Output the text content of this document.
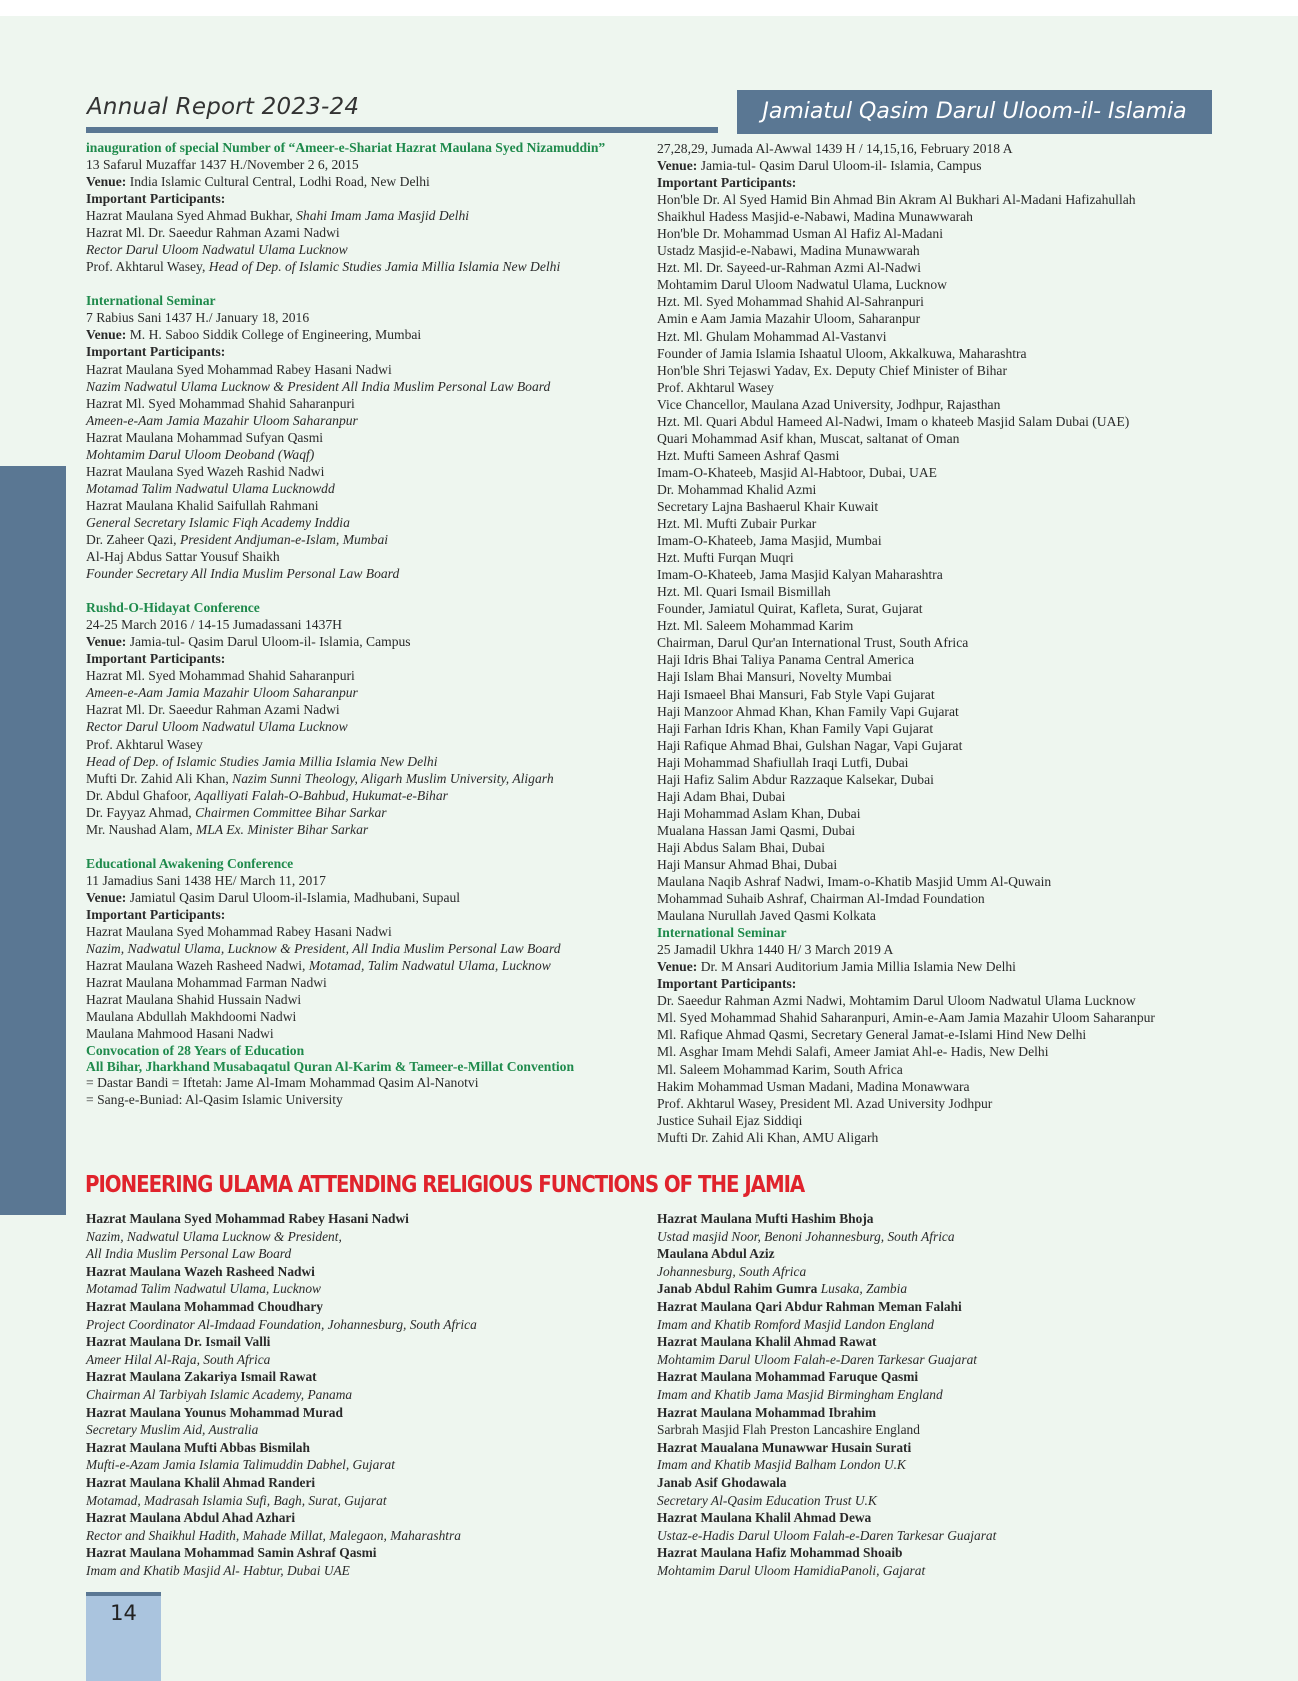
Annual Report 2023-24	Jamiatul Qasim Darul Uloom-il- Islamia
inauguration of special Number of “Ameer-e-Shariat Hazrat Maulana Syed Nizamuddin”
13 Safarul Muzaffar 1437 H./November 2 6, 2015
Venue: India Islamic Cultural Central, Lodhi Road, New Delhi
Important Participants:
Hazrat Maulana Syed Ahmad Bukhar, Shahi Imam Jama Masjid Delhi
Hazrat Ml. Dr. Saeedur Rahman Azami Nadwi
Rector Darul Uloom Nadwatul Ulama Lucknow
Prof. Akhtarul Wasey, Head of Dep. of Islamic Studies Jamia Millia Islamia New Delhi
International Seminar
7 Rabius Sani 1437 H./ January 18, 2016
Venue: M. H. Saboo Siddik College of Engineering, Mumbai
Important Participants:
Hazrat Maulana Syed Mohammad Rabey Hasani Nadwi
Nazim Nadwatul Ulama Lucknow & President All India Muslim Personal Law Board
Hazrat Ml. Syed Mohammad Shahid Saharanpuri
Ameen-e-Aam Jamia Mazahir Uloom Saharanpur
Hazrat Maulana Mohammad Sufyan Qasmi
Mohtamim Darul Uloom Deoband (Waqf)
Hazrat Maulana Syed Wazeh Rashid Nadwi
Motamad Talim Nadwatul Ulama Lucknowdd
Hazrat Maulana Khalid Saifullah Rahmani
General Secretary Islamic Fiqh Academy Inddia
Dr. Zaheer Qazi, President Andjuman-e-Islam, Mumbai
Al-Haj Abdus Sattar Yousuf Shaikh
Founder Secretary All India Muslim Personal Law Board
Rushd-O-Hidayat Conference
24-25 March 2016 / 14-15 Jumadassani 1437H
Venue: Jamia-tul- Qasim Darul Uloom-il- Islamia, Campus
Important Participants:
Hazrat Ml. Syed Mohammad Shahid Saharanpuri
Ameen-e-Aam Jamia Mazahir Uloom Saharanpur
Hazrat Ml. Dr. Saeedur Rahman Azami Nadwi
Rector Darul Uloom Nadwatul Ulama Lucknow
Prof. Akhtarul Wasey
Head of Dep. of Islamic Studies Jamia Millia Islamia New Delhi
Mufti Dr. Zahid Ali Khan, Nazim Sunni Theology, Aligarh Muslim University, Aligarh
Dr. Abdul Ghafoor, Aqalliyati Falah-O-Bahbud, Hukumat-e-Bihar
Dr. Fayyaz Ahmad, Chairmen Committee Bihar Sarkar
Mr. Naushad Alam, MLA Ex. Minister Bihar Sarkar
Educational Awakening Conference
11 Jamadius Sani 1438 HE/ March 11, 2017
Venue: Jamiatul Qasim Darul Uloom-il-Islamia, Madhubani, Supaul
Important Participants:
Hazrat Maulana Syed Mohammad Rabey Hasani Nadwi
Nazim, Nadwatul Ulama, Lucknow & President, All India Muslim Personal Law Board
Hazrat Maulana Wazeh Rasheed Nadwi, Motamad, Talim Nadwatul Ulama, Lucknow
Hazrat Maulana Mohammad Farman Nadwi
Hazrat Maulana Shahid Hussain Nadwi
Maulana Abdullah Makhdoomi Nadwi
Maulana Mahmood Hasani Nadwi
Convocation of 28 Years of Education
All Bihar, Jharkhand Musabaqatul Quran Al-Karim & Tameer-e-Millat Convention
= Dastar Bandi = Iftetah: Jame Al-Imam Mohammad Qasim Al-Nanotvi
= Sang-e-Buniad: Al-Qasim Islamic University
27,28,29, Jumada Al-Awwal 1439 H / 14,15,16, February 2018 A
Venue: Jamia-tul- Qasim Darul Uloom-il- Islamia, Campus
Important Participants:
Hon'ble Dr. Al Syed Hamid Bin Ahmad Bin Akram Al Bukhari Al-Madani Hafizahullah
Shaikhul Hadess Masjid-e-Nabawi, Madina Munawwarah
Hon'ble Dr. Mohammad Usman Al Hafiz Al-Madani
Ustadz Masjid-e-Nabawi, Madina Munawwarah
Hzt. Ml. Dr. Sayeed-ur-Rahman Azmi Al-Nadwi
Mohtamim Darul Uloom Nadwatul Ulama, Lucknow
Hzt. Ml. Syed Mohammad Shahid Al-Sahranpuri
Amin e Aam Jamia Mazahir Uloom, Saharanpur
Hzt. Ml. Ghulam Mohammad Al-Vastanvi
Founder of Jamia Islamia Ishaatul Uloom, Akkalkuwa, Maharashtra
Hon'ble Shri Tejaswi Yadav, Ex. Deputy Chief Minister of Bihar
Prof. Akhtarul Wasey
Vice Chancellor, Maulana Azad University, Jodhpur, Rajasthan
Hzt. Ml. Quari Abdul Hameed Al-Nadwi, Imam o khateeb Masjid Salam Dubai (UAE)
Quari Mohammad Asif khan, Muscat, saltanat of Oman
Hzt. Mufti Sameen Ashraf Qasmi
Imam-O-Khateeb, Masjid Al-Habtoor, Dubai, UAE
Dr. Mohammad Khalid Azmi
Secretary Lajna Bashaerul Khair Kuwait
Hzt. Ml. Mufti Zubair Purkar
Imam-O-Khateeb, Jama Masjid, Mumbai
Hzt. Mufti Furqan Muqri
Imam-O-Khateeb, Jama Masjid Kalyan Maharashtra
Hzt. Ml. Quari Ismail Bismillah
Founder, Jamiatul Quirat, Kafleta, Surat, Gujarat
Hzt. Ml. Saleem Mohammad Karim
Chairman, Darul Qur'an International Trust, South Africa
Haji Idris Bhai Taliya Panama Central America
Haji Islam Bhai Mansuri, Novelty Mumbai
Haji Ismaeel Bhai Mansuri, Fab Style Vapi Gujarat
Haji Manzoor Ahmad Khan, Khan Family Vapi Gujarat
Haji Farhan Idris Khan, Khan Family Vapi Gujarat
Haji Rafique Ahmad Bhai, Gulshan Nagar, Vapi Gujarat
Haji Mohammad Shafiullah Iraqi Lutfi, Dubai
Haji Hafiz Salim Abdur Razzaque Kalsekar, Dubai
Haji Adam Bhai, Dubai
Haji Mohammad Aslam Khan, Dubai
Mualana Hassan Jami Qasmi, Dubai
Haji Abdus Salam Bhai, Dubai
Haji Mansur Ahmad Bhai, Dubai
Maulana Naqib Ashraf Nadwi, Imam-o-Khatib Masjid Umm Al-Quwain
Mohammad Suhaib Ashraf, Chairman Al-Imdad Foundation
Maulana Nurullah Javed Qasmi Kolkata
International Seminar
25 Jamadil Ukhra 1440 H/ 3 March 2019 A
Venue: Dr. M Ansari Auditorium Jamia Millia Islamia New Delhi
Important Participants:
Dr. Saeedur Rahman Azmi Nadwi, Mohtamim Darul Uloom Nadwatul Ulama Lucknow
Ml. Syed Mohammad Shahid Saharanpuri, Amin-e-Aam Jamia Mazahir Uloom Saharanpur
Ml. Rafique Ahmad Qasmi, Secretary General Jamat-e-Islami Hind New Delhi
Ml. Asghar Imam Mehdi Salafi, Ameer Jamiat Ahl-e- Hadis, New Delhi
Ml. Saleem Mohammad Karim, South Africa
Hakim Mohammad Usman Madani, Madina Monawwara
Prof. Akhtarul Wasey, President Ml. Azad University Jodhpur
Justice Suhail Ejaz Siddiqi
Mufti Dr. Zahid Ali Khan, AMU Aligarh
PIONEERING ULAMA ATTENDING RELIGIOUS FUNCTIONS OF THE JAMIA
Hazrat Maulana Syed Mohammad Rabey Hasani Nadwi
Nazim, Nadwatul Ulama Lucknow & President,
All India Muslim Personal Law Board
Hazrat Maulana Wazeh Rasheed Nadwi
Motamad Talim Nadwatul Ulama, Lucknow
Hazrat Maulana Mohammad Choudhary
Project Coordinator Al-Imdaad Foundation, Johannesburg, South Africa
Hazrat Maulana Dr. Ismail Valli
Ameer Hilal Al-Raja, South Africa
Hazrat Maulana Zakariya Ismail Rawat
Chairman Al Tarbiyah Islamic Academy, Panama
Hazrat Maulana Younus Mohammad Murad
Secretary Muslim Aid, Australia
Hazrat Maulana Mufti Abbas Bismilah
Mufti-e-Azam Jamia Islamia Talimuddin Dabhel, Gujarat
Hazrat Maulana Khalil Ahmad Randeri
Motamad, Madrasah Islamia Sufi, Bagh, Surat, Gujarat
Hazrat Maulana Abdul Ahad Azhari
Rector and Shaikhul Hadith, Mahade Millat, Malegaon, Maharashtra
Hazrat Maulana Mohammad Samin Ashraf Qasmi
Imam and Khatib Masjid Al- Habtur, Dubai UAE
Hazrat Maulana Mufti Hashim Bhoja
Ustad masjid Noor, Benoni Johannesburg, South Africa
Maulana Abdul Aziz
Johannesburg, South Africa
Janab Abdul Rahim Gumra Lusaka, Zambia
Hazrat Maulana Qari Abdur Rahman Meman Falahi
Imam and Khatib Romford Masjid Landon England
Hazrat Maulana Khalil Ahmad Rawat
Mohtamim Darul Uloom Falah-e-Daren Tarkesar Guajarat
Hazrat Maulana Mohammad Faruque Qasmi
Imam and Khatib Jama Masjid Birmingham England
Hazrat Maulana Mohammad Ibrahim
Sarbrah Masjid Flah Preston Lancashire England
Hazrat Maualana Munawwar Husain Surati
Imam and Khatib Masjid Balham London U.K
Janab Asif Ghodawala
Secretary Al-Qasim Education Trust U.K
Hazrat Maulana Khalil Ahmad Dewa
Ustaz-e-Hadis Darul Uloom Falah-e-Daren Tarkesar Guajarat
Hazrat Maulana Hafiz Mohammad Shoaib
Mohtamim Darul Uloom HamidiaPanoli, Gajarat
14
